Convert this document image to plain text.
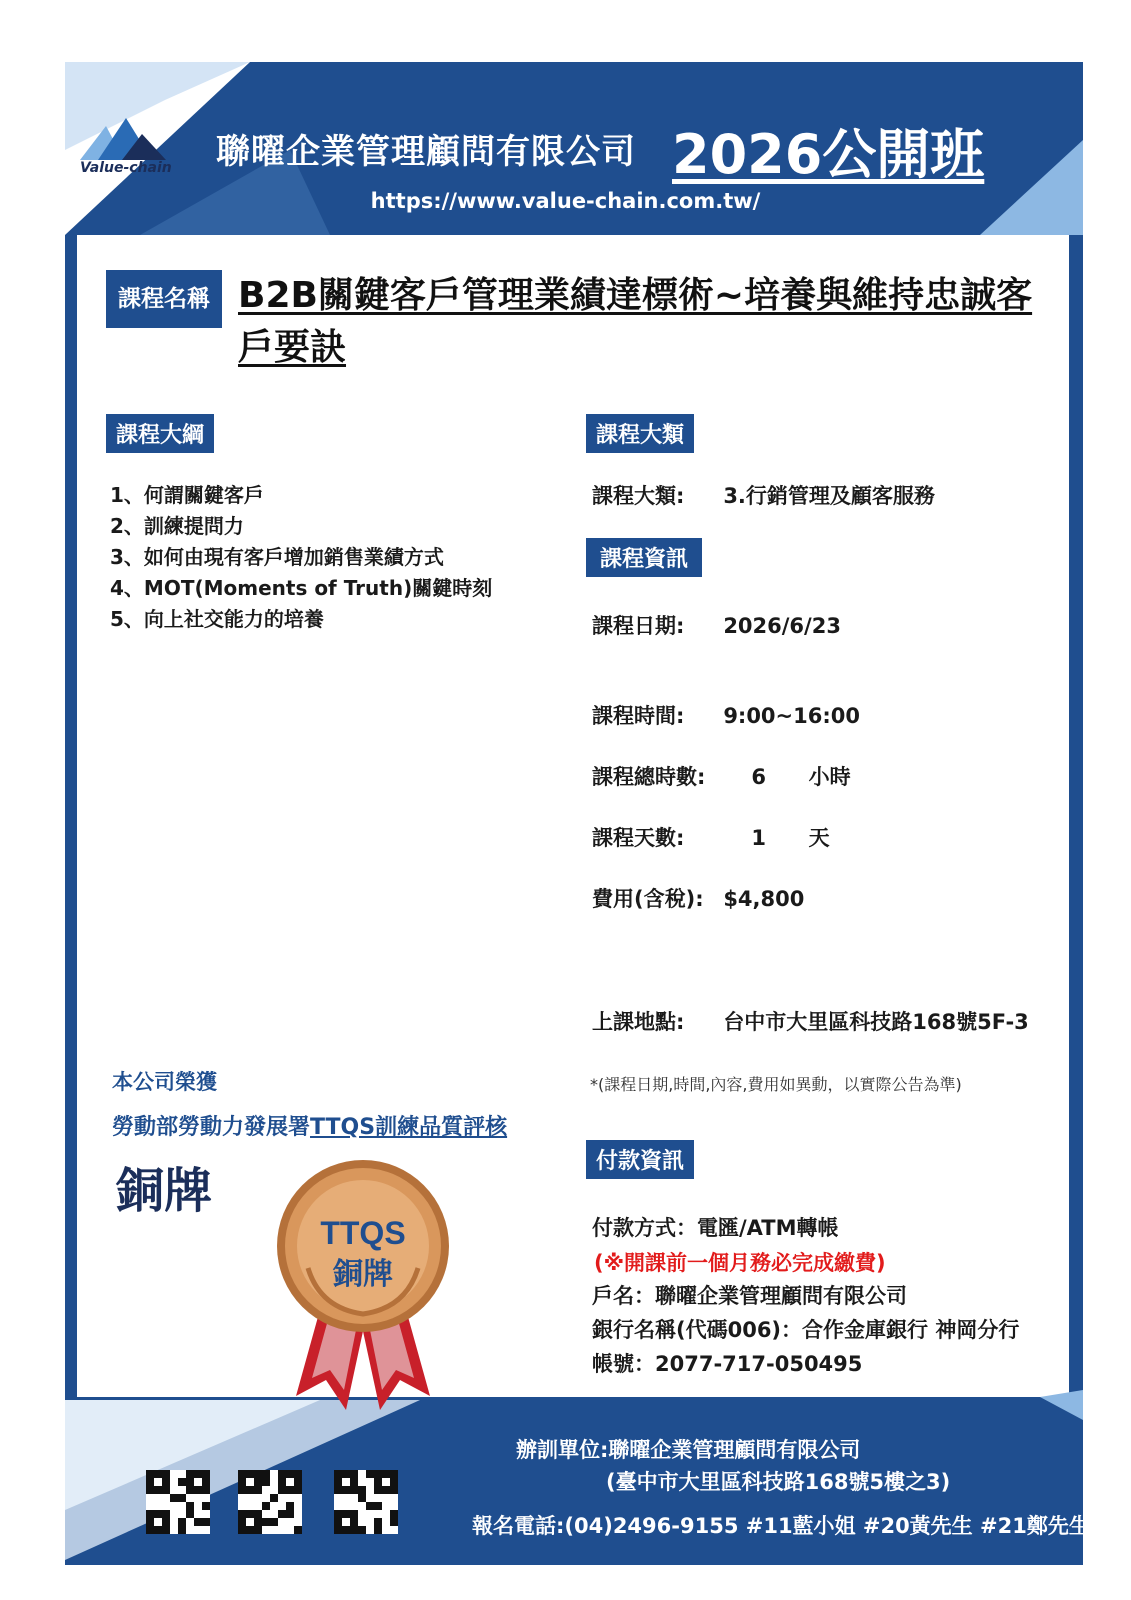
Value-chain 聯曜企業管理顧問有限公司 2026公開班
https://www.value-chain.com.tw/
課程名稱 B2B關鍵客戶管理業績達標術~培養與維持忠誠客戶要訣
課程大綱
1、何謂關鍵客戶
2、訓練提問力
3、如何由現有客戶增加銷售業績方式
4、MOT(Moments of Truth)關鍵時刻
5、向上社交能力的培養
課程大類
課程大類: 3.行銷管理及顧客服務
課程資訊
課程日期: 2026/6/23
課程時間: 9:00~16:00
課程總時數: 6 小時
課程天數:	1 天
費用(含稅): $4,800
上課地點: 台中市大里區科技路168號5F-3
*(課程日期,時間,內容,費用如異動，以實際公告為準)
本公司榮獲
勞動部勞動力發展署TTQS訓練品質評核
銅牌
TTQS
銅牌
付款資訊
付款方式：電匯/ATM轉帳
(※開課前一個月務必完成繳費)
戶名：聯曜企業管理顧問有限公司
銀行名稱(代碼006)：合作金庫銀行 神岡分行
帳號：2077-717-050495
辦訓單位:聯曜企業管理顧問有限公司
(臺中市大里區科技路168號5樓之3)
報名電話:(04)2496-9155 #11藍小姐 #20黃先生 #21鄭先生
